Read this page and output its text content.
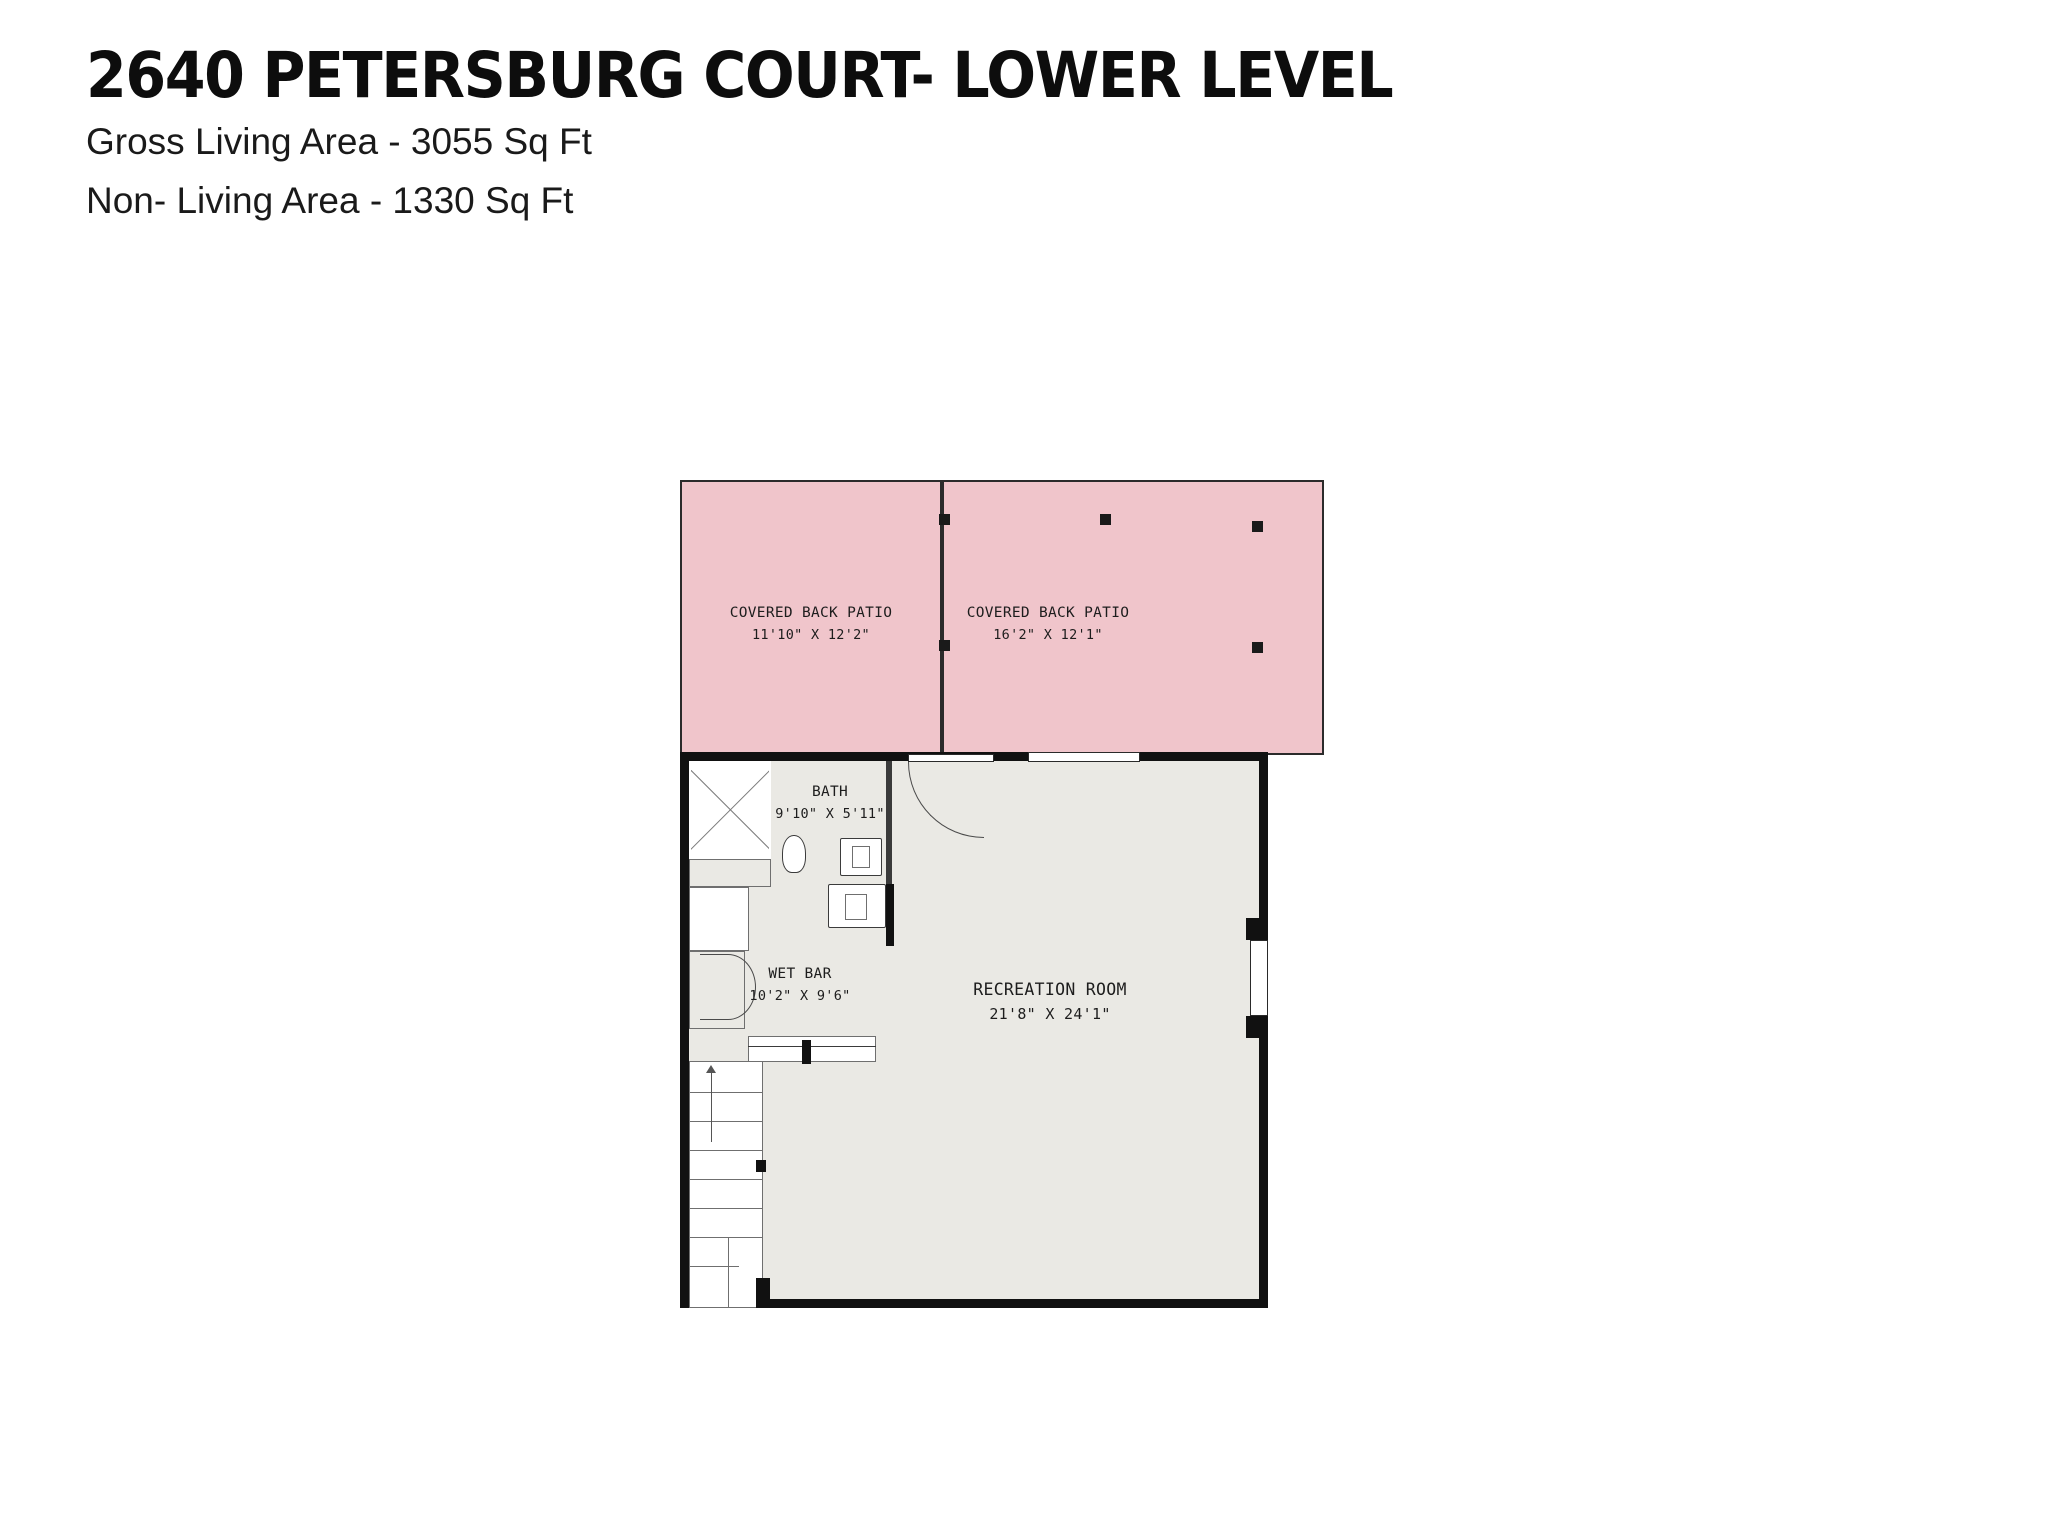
2640 PETERSBURG COURT- LOWER LEVEL
Gross Living Area - 3055 Sq Ft
Non- Living Area - 1330 Sq Ft
COVERED BACK PATIO
11'10" X 12'2"
COVERED BACK PATIO
16'2" X 12'1"
WET BAR
10'2" X 9'6"
BATH
9'10" X 5'11"
RECREATION ROOM
21'8" X 24'1"
